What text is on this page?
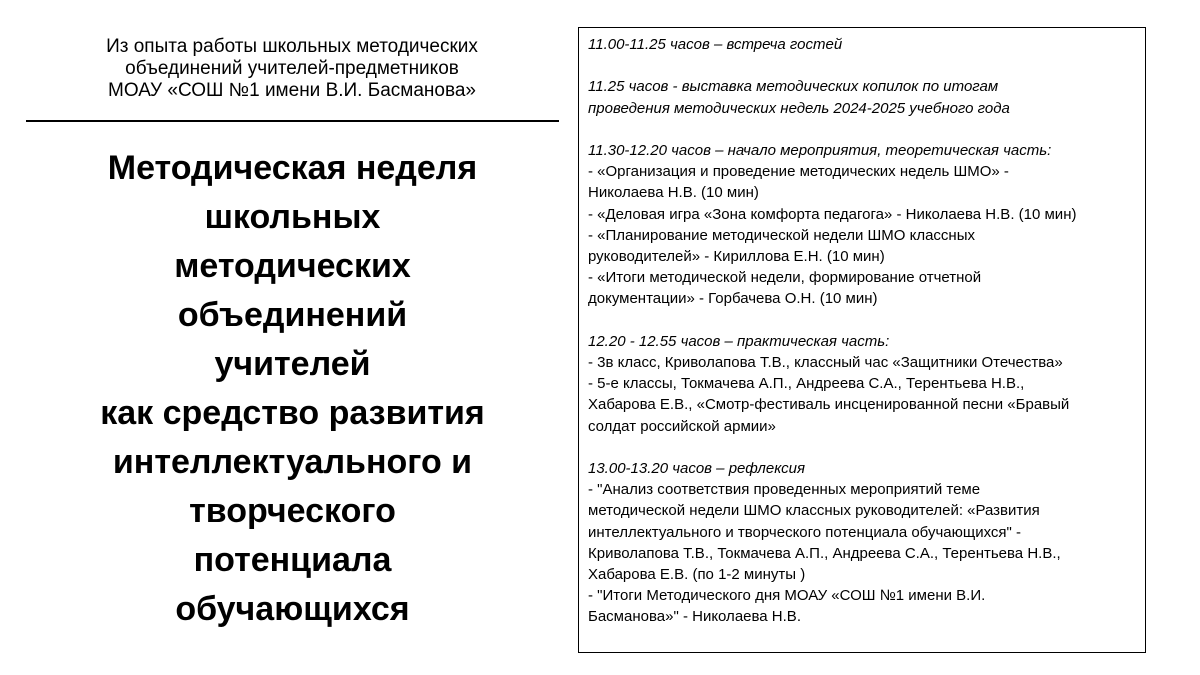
Из опыта работы школьных методических
объединений учителей-предметников
МОАУ «СОШ №1 имени В.И. Басманова»
Методическая неделя
школьных
методических
объединений
учителей
как средство развития
интеллектуального и
творческого
потенциала
обучающихся
11.00-11.25 часов – встреча гостей
11.25 часов - выставка методических копилок по итогам
проведения методических недель 2024-2025 учебного года
11.30-12.20 часов – начало мероприятия, теоретическая часть:
- «Организация и проведение методических недель ШМО» -
Николаева Н.В. (10 мин)
- «Деловая игра «Зона комфорта педагога» - Николаева Н.В. (10 мин)
- «Планирование методической недели ШМО классных
руководителей» - Кириллова Е.Н. (10 мин)
- «Итоги методической недели, формирование отчетной
документации» - Горбачева О.Н. (10 мин)
12.20 - 12.55 часов – практическая часть:
- 3в класс, Криволапова Т.В., классный час «Защитники Отечества»
- 5-е классы, Токмачева А.П., Андреева С.А., Терентьева Н.В.,
Хабарова Е.В., «Смотр-фестиваль инсценированной песни «Бравый
солдат российской армии»
13.00-13.20 часов – рефлексия
- "Анализ соответствия проведенных мероприятий теме
методической недели ШМО классных руководителей: «Развития
интеллектуального и творческого потенциала обучающихся" -
Криволапова Т.В., Токмачева А.П., Андреева С.А., Терентьева Н.В.,
Хабарова Е.В. (по 1-2 минуты )
- "Итоги Методического дня МОАУ «СОШ №1 имени В.И.
Басманова»" - Николаева Н.В.
